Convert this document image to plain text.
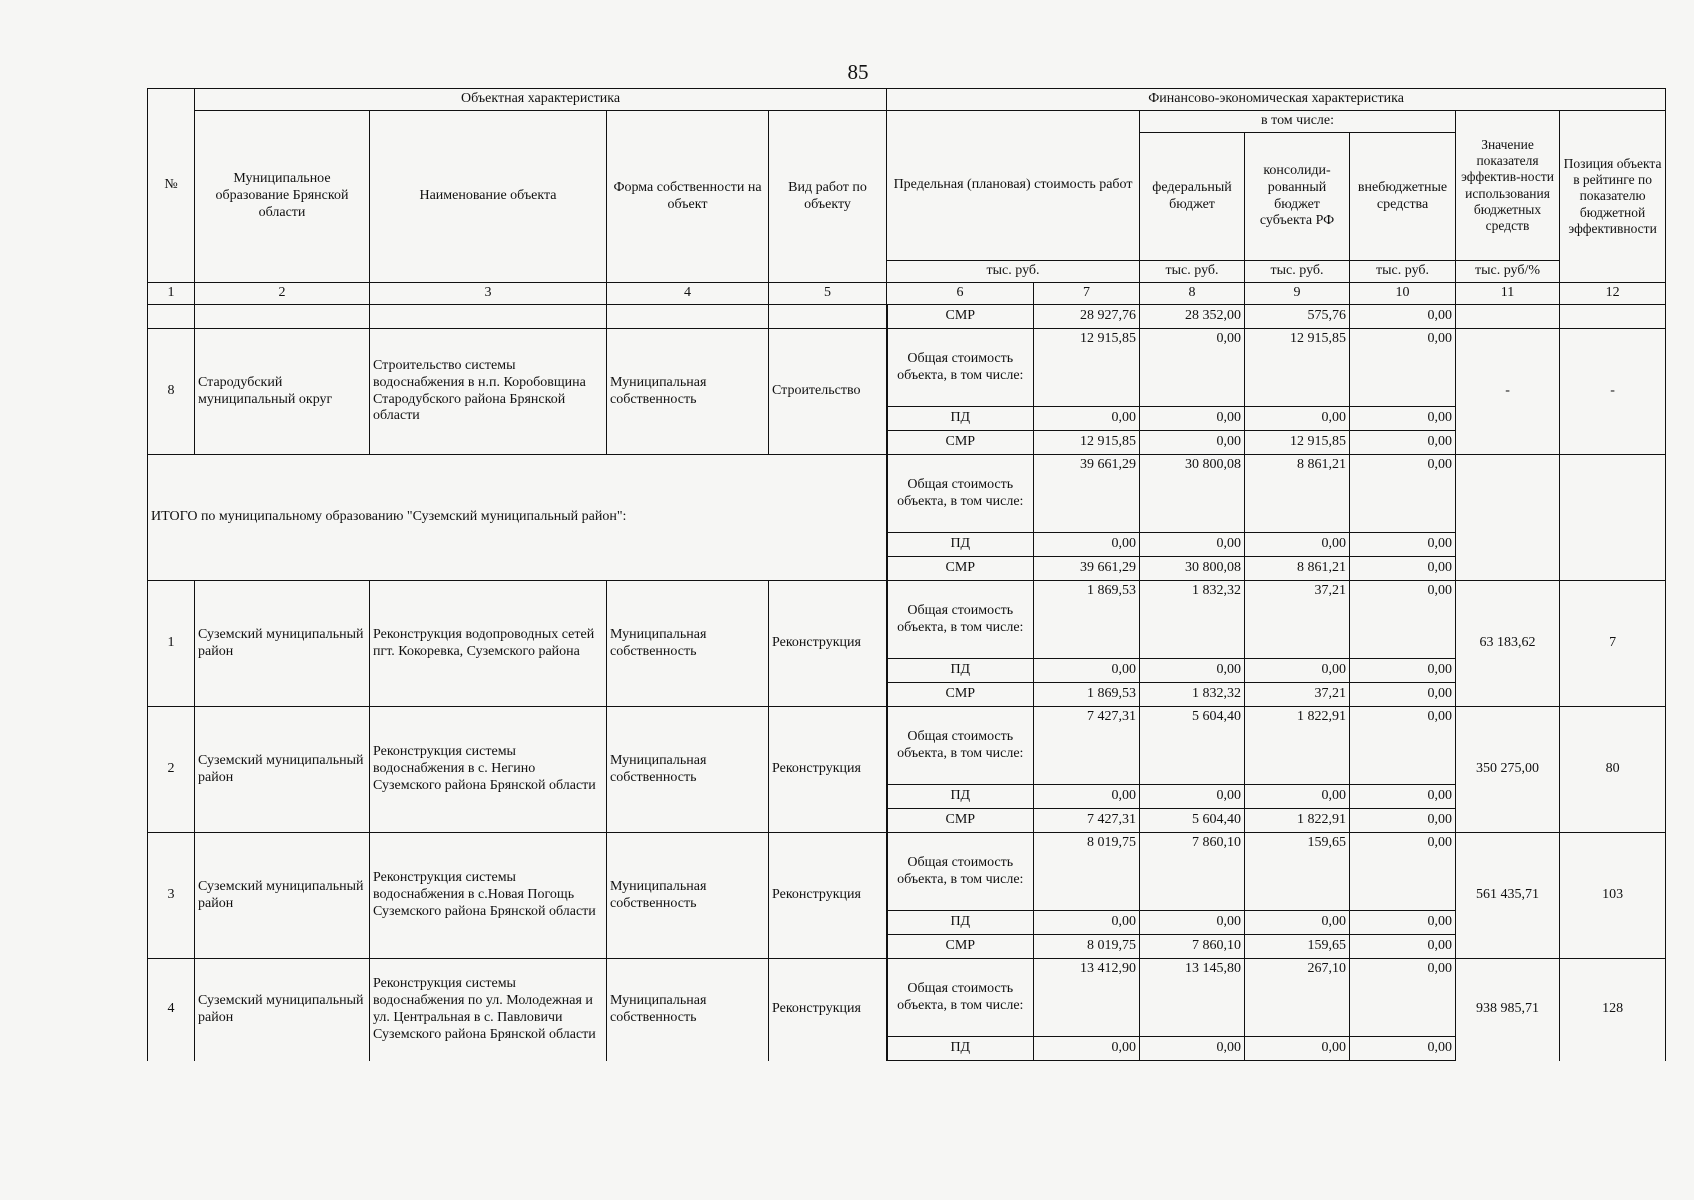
85
№	Объектная характеристика				Финансово-экономическая характеристика						
	Муниципальное образование Брянской области	Наименование объекта	Форма собственности на объект	Вид работ по объекту	Предельная (плановая) стоимость работ		в том числе:			Значение показателя эффектив-ности использования бюджетных средств	Позиция объекта в рейтинге по показателю бюджетной эффективности
							федеральный бюджет	консолиди-рованный бюджет субъекта РФ	внебюджетные средства		
					тыс. руб.		тыс. руб.	тыс. руб.	тыс. руб.	тыс. руб/%	
1	2	3	4	5	6	7	8	9	10	11	12
					СМР	28 927,76	28 352,00	575,76	0,00		
8	Стародубский муниципальный округ	Строительство системы водоснабжения в н.п. Коробовщина Стародубского района Брянской области	Муниципальная собственность	Строительство	Общая стоимость объекта, в том числе:	12 915,85	0,00	12 915,85	0,00	-	-
					ПД	0,00	0,00	0,00	0,00		
					СМР	12 915,85	0,00	12 915,85	0,00		
ИТОГО по муниципальному образованию "Суземский муниципальный район":					Общая стоимость объекта, в том числе:	39 661,29	30 800,08	8 861,21	0,00		
					ПД	0,00	0,00	0,00	0,00		
					СМР	39 661,29	30 800,08	8 861,21	0,00		
1	Суземский муниципальный район	Реконструкция водопроводных сетей пгт. Кокоревка, Суземского района	Муниципальная собственность	Реконструкция	Общая стоимость объекта, в том числе:	1 869,53	1 832,32	37,21	0,00	63 183,62	7
					ПД	0,00	0,00	0,00	0,00		
					СМР	1 869,53	1 832,32	37,21	0,00		
2	Суземский муниципальный район	Реконструкция системы водоснабжения в с. Негино Суземского района Брянской области	Муниципальная собственность	Реконструкция	Общая стоимость объекта, в том числе:	7 427,31	5 604,40	1 822,91	0,00	350 275,00	80
					ПД	0,00	0,00	0,00	0,00		
					СМР	7 427,31	5 604,40	1 822,91	0,00		
3	Суземский муниципальный район	Реконструкция системы водоснабжения в с.Новая Погощь Суземского района Брянской области	Муниципальная собственность	Реконструкция	Общая стоимость объекта, в том числе:	8 019,75	7 860,10	159,65	0,00	561 435,71	103
					ПД	0,00	0,00	0,00	0,00		
					СМР	8 019,75	7 860,10	159,65	0,00		
4	Суземский муниципальный район	Реконструкция системы водоснабжения по ул. Молодежная и ул. Центральная в с. Павловичи Суземского района Брянской области	Муниципальная собственность	Реконструкция	Общая стоимость объекта, в том числе:	13 412,90	13 145,80	267,10	0,00	938 985,71	128
					ПД	0,00	0,00	0,00	0,00		
